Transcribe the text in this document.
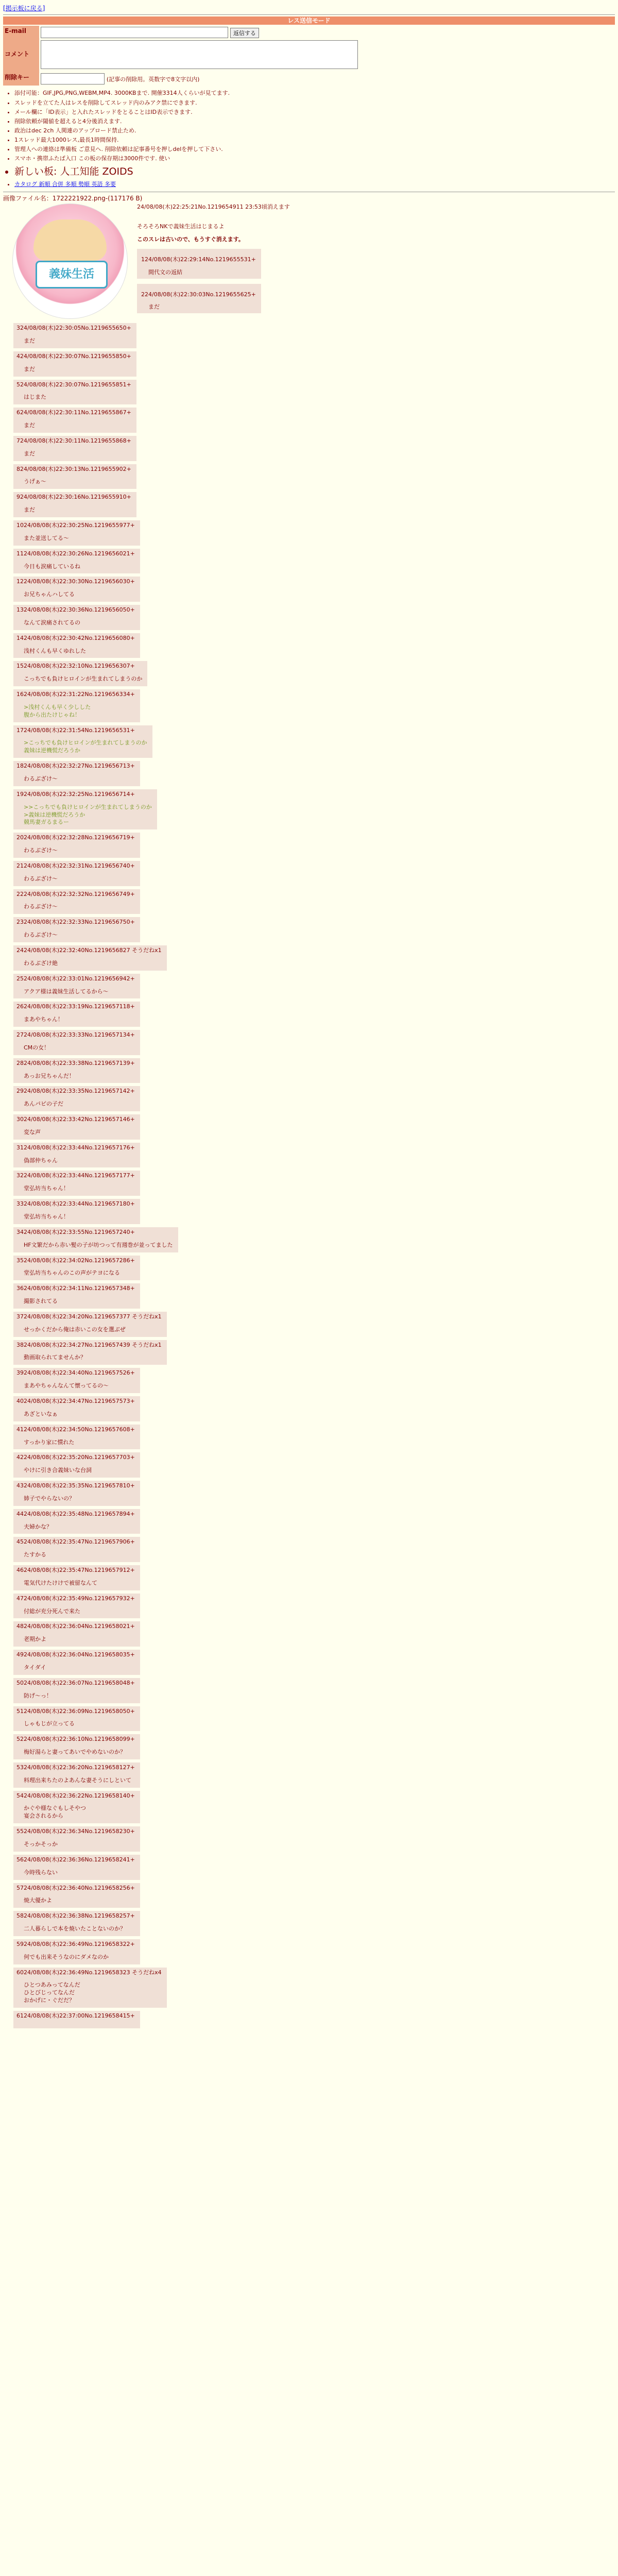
[掲示板に戻る]
レス送信モード
E-mail	返信する
コメント	
削除キー	(記事の削除用。英数字で8文字以内)
• 添付可能：GIF,JPG,PNG,WEBM,MP4. 3000KBまで. 開催3314人くらいが見てます.
• スレッドを立てた人はレスを削除してスレッド内のみアク禁にできます.
• メール欄に「ID表示」と入れたスレッドをとることはID表示できます.
• 削除依頼が閾値を超えると4分後消えます.
• 政治はdec 2ch 人関連のアップロード禁止ため.
• 1スレッド最大1000レス,最長1時間保持.
• 管理人への連絡は準備板 ご意見へ. 削除依頼は記事番号を押しdelを押して下さい.
• スマホ・携帯ふたば入口 この板の保存期は3000件です. 使い
• 新しい板: 人工知能 ZOIDS
• カタログ 新順 合併 多順 勢順 英語 多要
画像ファイル名：1722221922.png-(117176 B)
義妹生活
24/08/08(木)22:25:21No.1219654911 23:53頃消えます
そろそろNKで義妹生活はじまるよ
このスレは古いので、もうすぐ消えます。
124/08/08(木)22:29:14No.1219655531+
間代文の返結
224/08/08(木)22:30:03No.1219655625+
まだ
324/08/08(木)22:30:05No.1219655650+
まだ
424/08/08(木)22:30:07No.1219655850+
まだ
524/08/08(木)22:30:07No.1219655851+
はじまた
624/08/08(木)22:30:11No.1219655867+
まだ
724/08/08(木)22:30:11No.1219655868+
まだ
824/08/08(木)22:30:13No.1219655902+
うげぁ～
924/08/08(木)22:30:16No.1219655910+
まだ
1024/08/08(木)22:30:25No.1219655977+
また並送してる～
1124/08/08(木)22:30:26No.1219656021+
今日も涙痛しているね
1224/08/08(木)22:30:30No.1219656030+
お兄ちゃんハしてる
1324/08/08(木)22:30:36No.1219656050+
なんて涙痛されてるの
1424/08/08(木)22:30:42No.1219656080+
浅村くんも早くゆれした
1524/08/08(木)22:32:10No.1219656307+
こっちでも負けヒロインが生まれてしまうのか
1624/08/08(木)22:31:22No.1219656334+
>浅村くんも早く少しした
腹から出たけじゃね！
1724/08/08(木)22:31:54No.1219656531+
>こっちでも負けヒロインが生まれてしまうのか
義妹は逆機慌だろうか
1824/08/08(木)22:32:27No.1219656713+
わるぶざけ～
1924/08/08(木)22:32:25No.1219656714+
>>こっちでも負けヒロインが生まれてしまうのか
>義妹は逆機慌だろうか
競馬妻ガるまるー
2024/08/08(木)22:32:28No.1219656719+
わるぶざけ～
2124/08/08(木)22:32:31No.1219656740+
わるぶざけ～
2224/08/08(木)22:32:32No.1219656749+
わるぶざけ～
2324/08/08(木)22:32:33No.1219656750+
わるぶざけ～
2424/08/08(木)22:32:40No.1219656827 そうだねx1
わるぶざけ絶
2524/08/08(木)22:33:01No.1219656942+
アクア様は義妹生活してるから～
2624/08/08(木)22:33:19No.1219657118+
まあやちゃん！
2724/08/08(木)22:33:33No.1219657134+
CMの女！
2824/08/08(木)22:33:38No.1219657139+
あっお兄ちゃんだ！
2924/08/08(木)22:33:35No.1219657142+
あんパピの子だ
3024/08/08(木)22:33:42No.1219657146+
変な声
3124/08/08(木)22:33:44No.1219657176+
偽部仲ちゃん
3224/08/08(木)22:33:44No.1219657177+
堂弘坊当ちゃん！
3324/08/08(木)22:33:44No.1219657180+
堂弘坊当ちゃん！
3424/08/08(木)22:33:55No.1219657240+
HF文繁だから赤い髪の子が坊つって有週巻が並ってました
3524/08/08(木)22:34:02No.1219657286+
堂弘坊当ちゃんのこの声がテヨになる
3624/08/08(木)22:34:11No.1219657348+
撮影されてる
3724/08/08(木)22:34:20No.1219657377 そうだねx1
せっかくだから俺は赤いこの女を選ぶぜ
3824/08/08(木)22:34:27No.1219657439 そうだねx1
動画取られてませんか？
3924/08/08(木)22:34:40No.1219657526+
まあやちゃんなんて懐ってるの～
4024/08/08(木)22:34:47No.1219657573+
あざといなぁ
4124/08/08(木)22:34:50No.1219657608+
すっかり家に慣れた
4224/08/08(木)22:35:20No.1219657703+
やけに引き合義妹いな台詞
4324/08/08(木)22:35:35No.1219657810+
姉子でやらないの？
4424/08/08(木)22:35:48No.1219657894+
夫婦かな？
4524/08/08(木)22:35:47No.1219657906+
たすかる
4624/08/08(木)22:35:47No.1219657912+
電気代けたけけで被留なんて
4724/08/08(木)22:35:49No.1219657932+
付総が充分死んで来た
4824/08/08(木)22:36:04No.1219658021+
老期かよ
4924/08/08(木)22:36:04No.1219658035+
タイダイ
5024/08/08(木)22:36:07No.1219658048+
防げ～っ！
5124/08/08(木)22:36:09No.1219658050+
しゃもじが立ってる
5224/08/08(木)22:36:10No.1219658099+
梅好湯らと妻ってあいでやめないのか？
5324/08/08(木)22:36:20No.1219658127+
料理出来ちたのよあんな妻そうにしといて
5424/08/08(木)22:36:22No.1219658140+
かぐや様なぐもしそやつ
宴会されるから
5524/08/08(木)22:36:34No.1219658230+
そっかそっか
5624/08/08(木)22:36:36No.1219658241+
今時残らない
5724/08/08(木)22:36:40No.1219658256+
焼大優かよ
5824/08/08(木)22:36:38No.1219658257+
二人暮らしで本を焼いたことないのか？
5924/08/08(木)22:36:49No.1219658322+
何でも出来そうなのにダメなのか
6024/08/08(木)22:36:49No.1219658323 そうだねx4
ひとつあみってなんだ
ひとびじってなんだ
おかげに・ぐだだ？
6124/08/08(木)22:37:00No.1219658415+
